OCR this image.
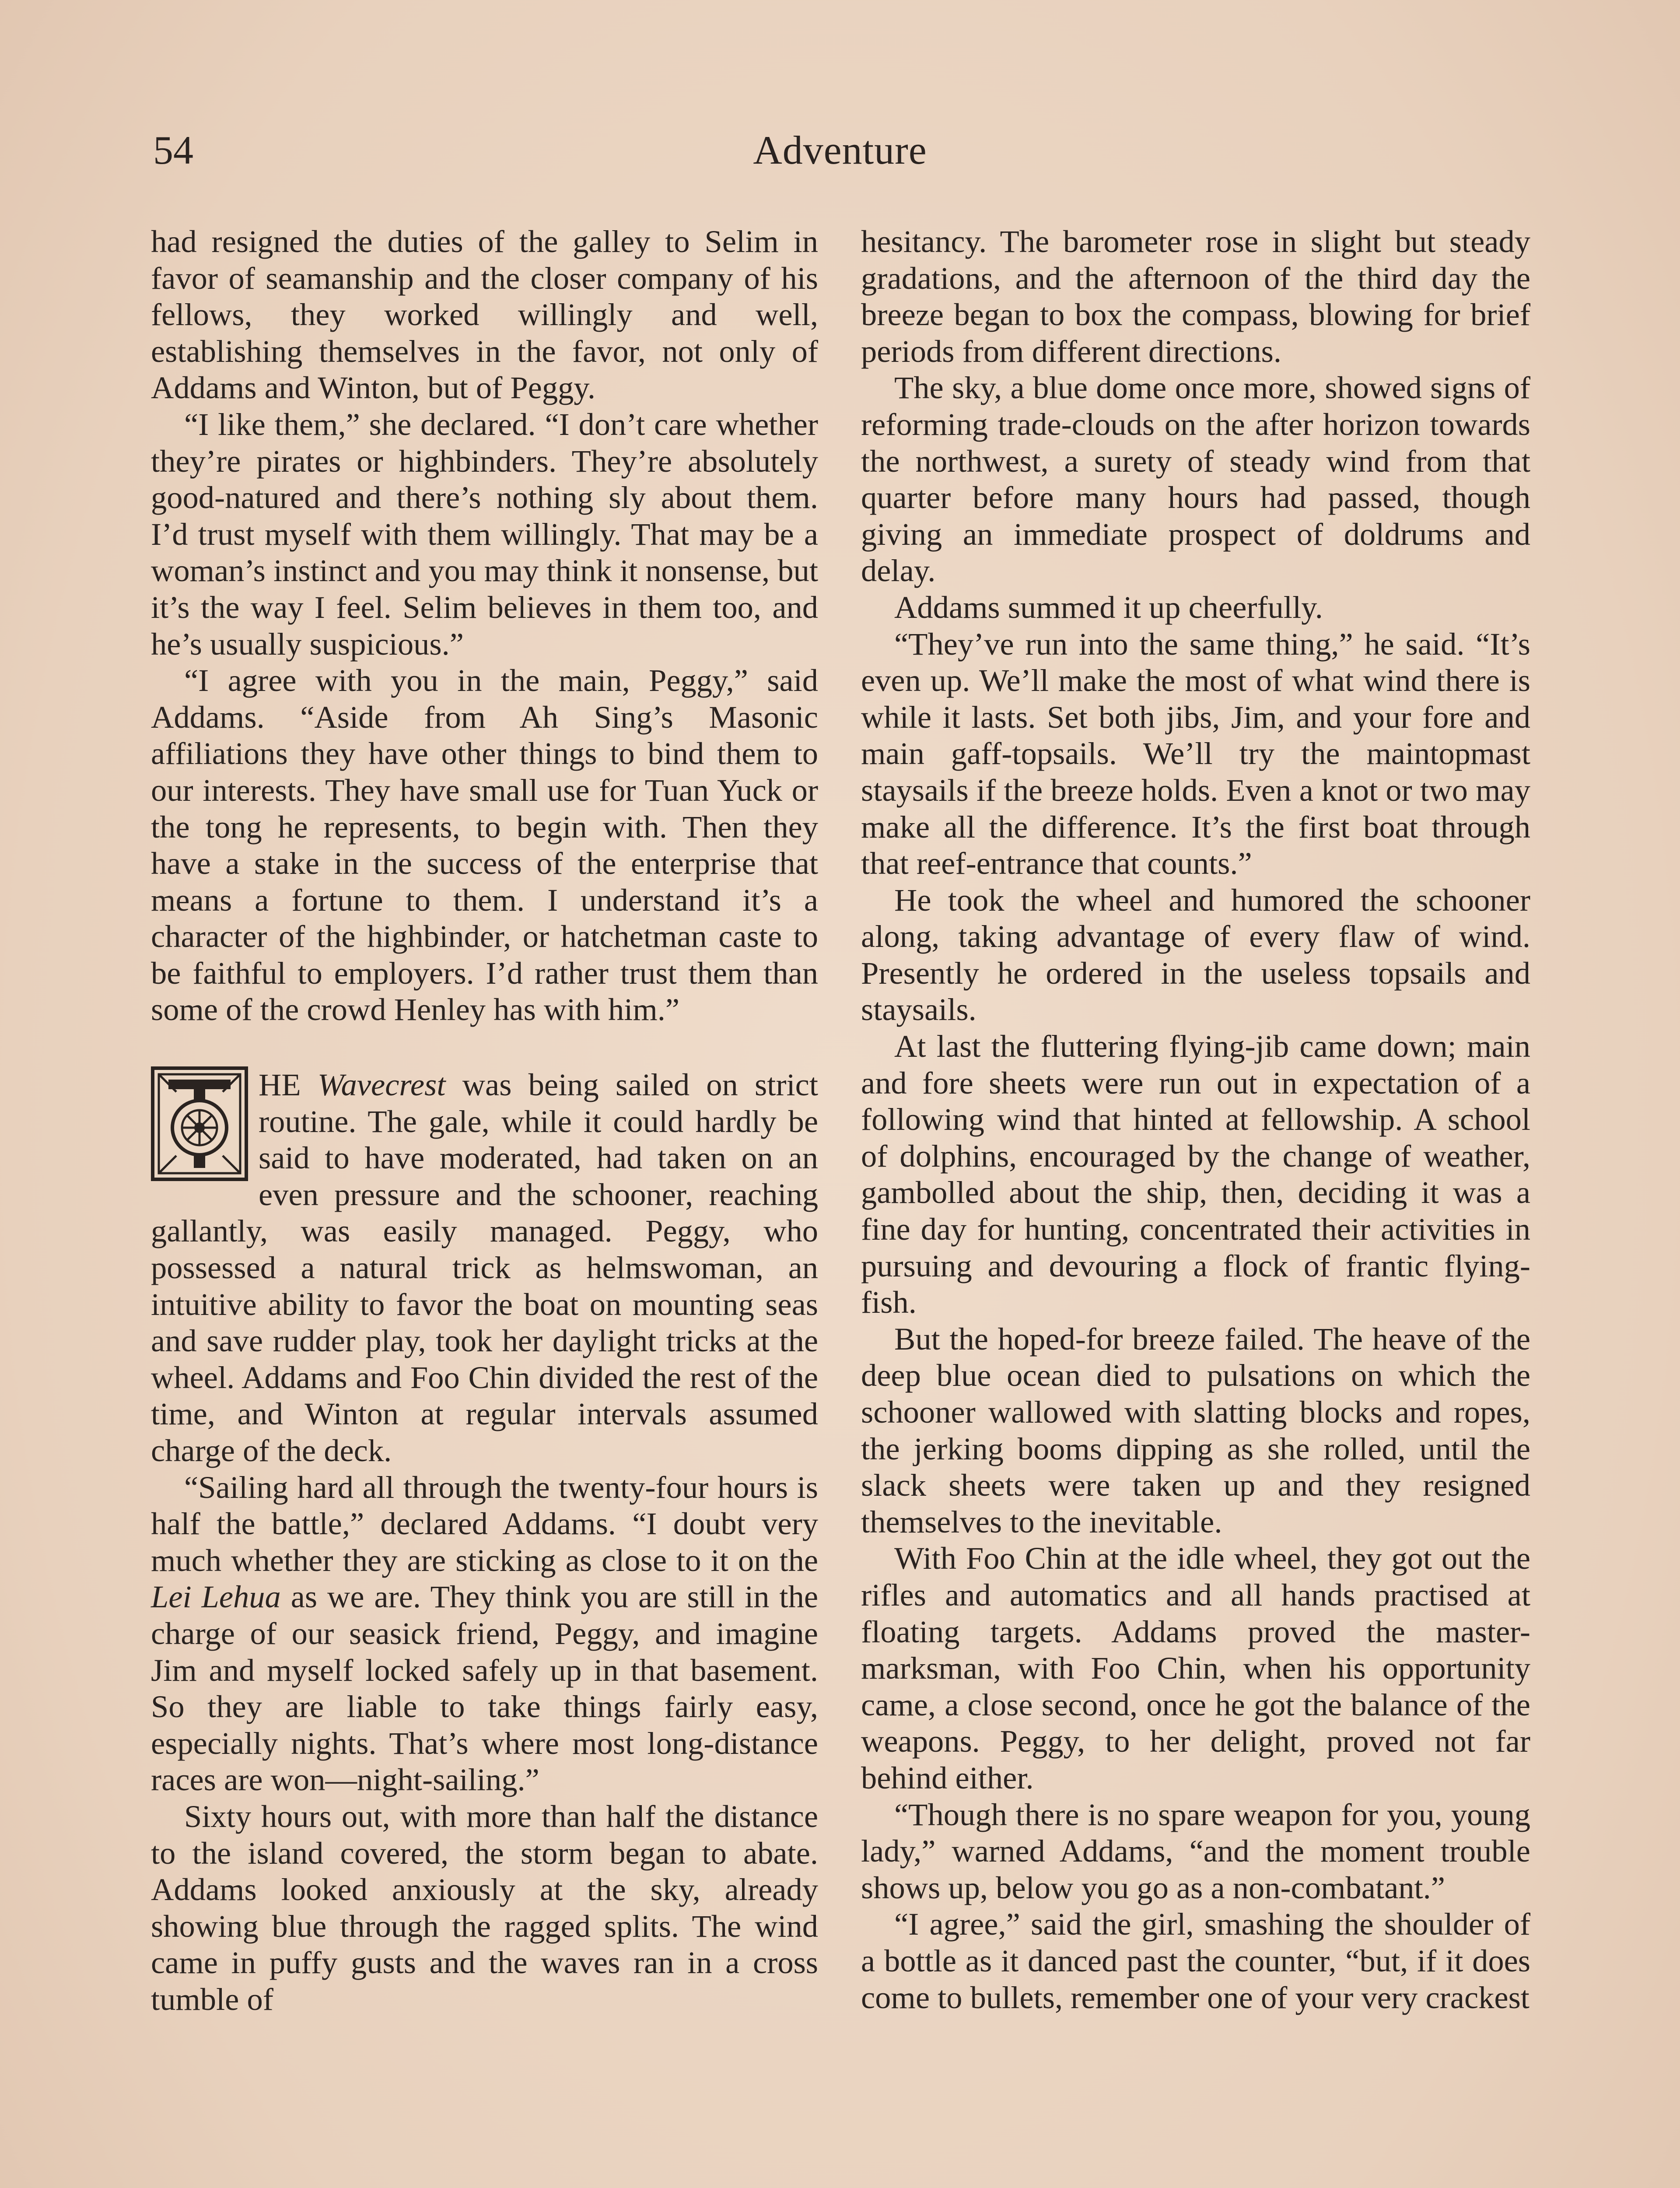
54	Adventure

had resigned the duties of the galley to Selim in favor of seamanship and the closer company of his fellows, they worked willingly and well, establishing themselves in the favor, not only of Addams and Winton, but of Peggy.

“I like them,” she declared. “I don’t care whether they’re pirates or highbinders. They’re absolutely good-natured and there’s nothing sly about them. I’d trust myself with them willingly. That may be a woman’s instinct and you may think it nonsense, but it’s the way I feel. Selim believes in them too, and he’s usually suspicious.”

“I agree with you in the main, Peggy,” said Addams. “Aside from Ah Sing’s Masonic affiliations they have other things to bind them to our interests. They have small use for Tuan Yuck or the tong he represents, to begin with. Then they have a stake in the success of the enterprise that means a fortune to them. I understand it’s a character of the highbinder, or hatchetman caste to be faithful to employers. I’d rather trust them than some of the crowd Henley has with him.”

HE Wavecrest was being sailed on strict routine. The gale, while it could hardly be said to have moderated, had taken on an even pressure and the schooner, reaching gallantly, was easily managed. Peggy, who possessed a natural trick as helmswoman, an intuitive ability to favor the boat on mounting seas and save rudder play, took her daylight tricks at the wheel. Addams and Foo Chin divided the rest of the time, and Winton at regular intervals assumed charge of the deck.

“Sailing hard all through the twenty-four hours is half the battle,” declared Addams. “I doubt very much whether they are sticking as close to it on the Lei Lehua as we are. They think you are still in the charge of our seasick friend, Peggy, and imagine Jim and myself locked safely up in that basement. So they are liable to take things fairly easy, especially nights. That’s where most long-distance races are won—night-sailing.”

Sixty hours out, with more than half the distance to the island covered, the storm began to abate. Addams looked anxiously at the sky, already showing blue through the ragged splits. The wind came in puffy gusts and the waves ran in a cross tumble of

hesitancy. The barometer rose in slight but steady gradations, and the afternoon of the third day the breeze began to box the compass, blowing for brief periods from different directions.

The sky, a blue dome once more, showed signs of reforming trade-clouds on the after horizon towards the northwest, a surety of steady wind from that quarter before many hours had passed, though giving an immediate prospect of doldrums and delay.

Addams summed it up cheerfully.

“They’ve run into the same thing,” he said. “It’s even up. We’ll make the most of what wind there is while it lasts. Set both jibs, Jim, and your fore and main gaff-topsails. We’ll try the maintopmast staysails if the breeze holds. Even a knot or two may make all the difference. It’s the first boat through that reef-entrance that counts.”

He took the wheel and humored the schooner along, taking advantage of every flaw of wind. Presently he ordered in the useless topsails and staysails.

At last the fluttering flying-jib came down; main and fore sheets were run out in expectation of a following wind that hinted at fellowship. A school of dolphins, encouraged by the change of weather, gambolled about the ship, then, deciding it was a fine day for hunting, concentrated their activities in pursuing and devouring a flock of frantic flying-fish.

But the hoped-for breeze failed. The heave of the deep blue ocean died to pulsations on which the schooner wallowed with slatting blocks and ropes, the jerking booms dipping as she rolled, until the slack sheets were taken up and they resigned themselves to the inevitable.

With Foo Chin at the idle wheel, they got out the rifles and automatics and all hands practised at floating targets. Addams proved the master-marksman, with Foo Chin, when his opportunity came, a close second, once he got the balance of the weapons. Peggy, to her delight, proved not far behind either.

“Though there is no spare weapon for you, young lady,” warned Addams, “and the moment trouble shows up, below you go as a non-combatant.”

“I agree,” said the girl, smashing the shoulder of a bottle as it danced past the counter, “but, if it does come to bullets, remember one of your very crackest
